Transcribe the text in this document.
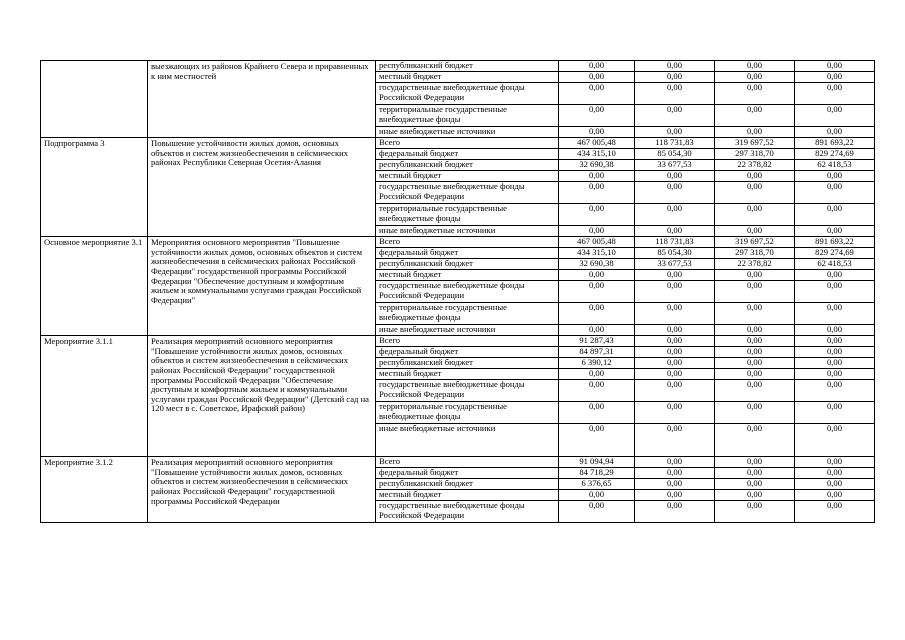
	выезжающих из районов Крайнего Севера и приравненных к ним местностей	республиканский бюджет	0,00	0,00	0,00	0,00
		местный бюджет	0,00	0,00	0,00	0,00
		государственные внебюджетные фонды Российской Федерации	0,00	0,00	0,00	0,00
		территориальные государственные внебюджетные фонды	0,00	0,00	0,00	0,00
		иные внебюджетные источники	0,00	0,00	0,00	0,00
Подпрограмма 3	Повышение устойчивости жилых домов, основных объектов и систем жизнеобеспечения в сейсмических районах Республики Северная Осетия-Алания	Всего	467 005,48	118 731,83	319 697,52	891 693,22
		федеральный бюджет	434 315,10	85 054,30	297 318,70	829 274,69
		республиканский бюджет	32 690,38	33 677,53	22 378,82	62 418,53
		местный бюджет	0,00	0,00	0,00	0,00
		государственные внебюджетные фонды Российской Федерации	0,00	0,00	0,00	0,00
		территориальные государственные внебюджетные фонды	0,00	0,00	0,00	0,00
		иные внебюджетные источники	0,00	0,00	0,00	0,00
Основное мероприятие 3.1	Мероприятия основного мероприятия "Повышение устойчивости жилых домов, основных объектов и систем жизнеобеспечения в сейсмических районах Российской Федерации" государственной программы Российской Федерации "Обеспечение доступным и комфортным жильем и коммунальными услугами граждан Российской Федерации"	Всего	467 005,48	118 731,83	319 697,52	891 693,22
		федеральный бюджет	434 315,10	85 054,30	297 318,70	829 274,69
		республиканский бюджет	32 690,38	33 677,53	22 378,82	62 418,53
		местный бюджет	0,00	0,00	0,00	0,00
		государственные внебюджетные фонды Российской Федерации	0,00	0,00	0,00	0,00
		территориальные государственные внебюджетные фонды	0,00	0,00	0,00	0,00
		иные внебюджетные источники	0,00	0,00	0,00	0,00
Мероприятие 3.1.1	Реализация мероприятий основного мероприятия "Повышение устойчивости жилых домов, основных объектов и систем жизнеобеспечения в сейсмических районах Российской Федерации" государственной программы Российской Федерации "Обеспечение доступным и комфортным жильем и коммунальными услугами граждан Российской Федерации" (Детский сад на 120 мест в с. Советское, Ирафский район)	Всего	91 287,43	0,00	0,00	0,00
		федеральный бюджет	84 897,31	0,00	0,00	0,00
		республиканский бюджет	6 390,12	0,00	0,00	0,00
		местный бюджет	0,00	0,00	0,00	0,00
		государственные внебюджетные фонды Российской Федерации	0,00	0,00	0,00	0,00
		территориальные государственные внебюджетные фонды	0,00	0,00	0,00	0,00
		иные внебюджетные источники	0,00	0,00	0,00	0,00
Мероприятие 3.1.2	Реализация мероприятий основного мероприятия "Повышение устойчивости жилых домов, основных объектов и систем жизнеобеспечения в сейсмических районах Российской Федерации" государственной программы Российской Федерации	Всего	91 094,94	0,00	0,00	0,00
		федеральный бюджет	84 718,29	0,00	0,00	0,00
		республиканский бюджет	6 376,65	0,00	0,00	0,00
		местный бюджет	0,00	0,00	0,00	0,00
		государственные внебюджетные фонды Российской Федерации	0,00	0,00	0,00	0,00
